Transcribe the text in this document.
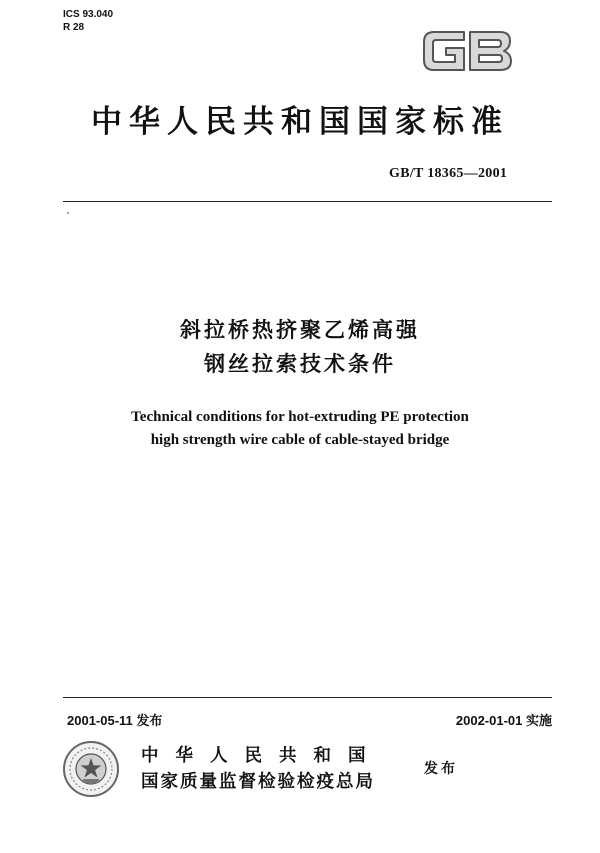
ICS 93.040
R 28
中华人民共和国国家标准
GB/T 18365—2001
斜拉桥热挤聚乙烯高强
钢丝拉索技术条件
Technical conditions for hot-extruding PE protection
high strength wire cable of cable-stayed bridge
2001-05-11 发布	2002-01-01 实施
中华人民共和国
国家质量监督检验检疫总局
发布
